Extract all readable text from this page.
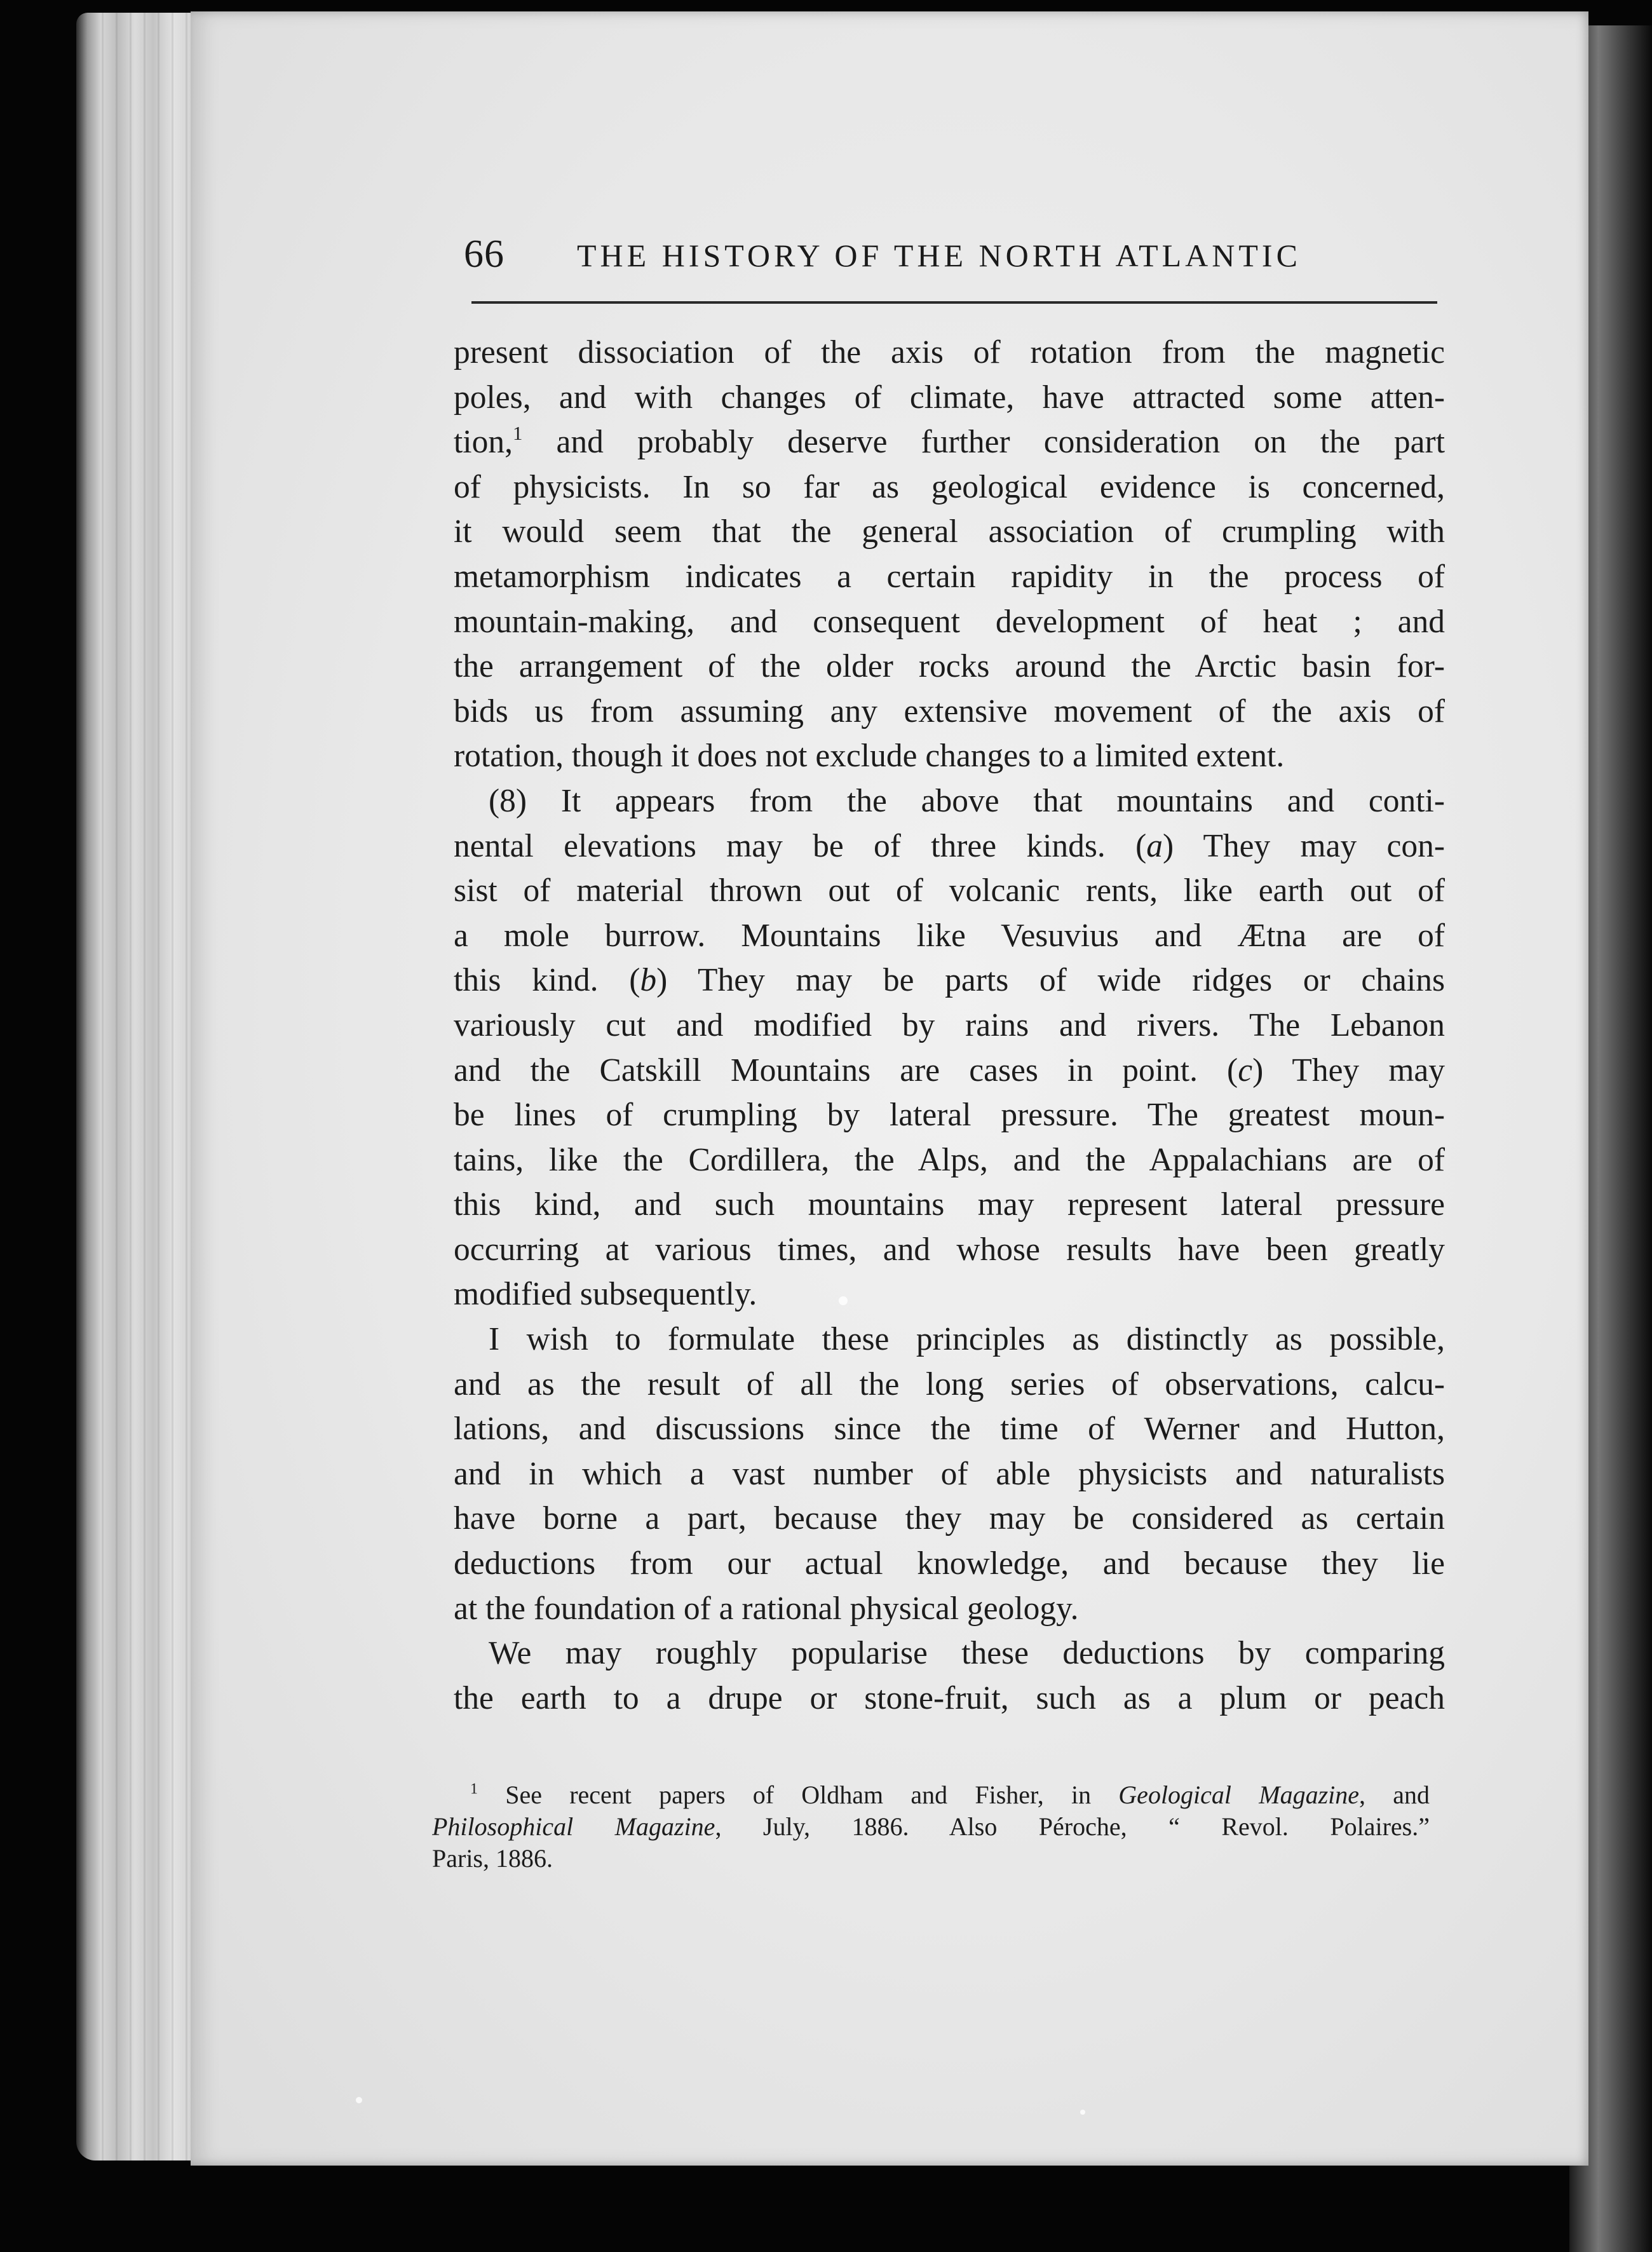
66 THE HISTORY OF THE NORTH ATLANTIC
present dissociation of the axis of rotation from the magnetic
poles, and with changes of climate, have attracted some atten-
tion,$^1$ and probably deserve further consideration on the part
of physicists. In so far as geological evidence is concerned,
it would seem that the general association of crumpling with
metamorphism indicates a certain rapidity in the process of
mountain-making, and consequent development of heat ; and
the arrangement of the older rocks around the Arctic basin for-
bids us from assuming any extensive movement of the axis of
rotation, though it does not exclude changes to a limited extent.
(8) It appears from the above that mountains and conti-
nental elevations may be of three kinds. (a) They may con-
sist of material thrown out of volcanic rents, like earth out of
a mole burrow. Mountains like Vesuvius and Ætna are of
this kind. (b) They may be parts of wide ridges or chains
variously cut and modified by rains and rivers. The Lebanon
and the Catskill Mountains are cases in point. (c) They may
be lines of crumpling by lateral pressure. The greatest moun-
tains, like the Cordillera, the Alps, and the Appalachians are of
this kind, and such mountains may represent lateral pressure
occurring at various times, and whose results have been greatly
modified subsequently.
I wish to formulate these principles as distinctly as possible,
and as the result of all the long series of observations, calcu-
lations, and discussions since the time of Werner and Hutton,
and in which a vast number of able physicists and naturalists
have borne a part, because they may be considered as certain
deductions from our actual knowledge, and because they lie
at the foundation of a rational physical geology.
We may roughly popularise these deductions by comparing
the earth to a drupe or stone-fruit, such as a plum or peach
$^1$ See recent papers of Oldham and Fisher, in Geological Magazine, and
Philosophical Magazine, July, 1886. Also Péroche, “ Revol. Polaires.”
Paris, 1886.
